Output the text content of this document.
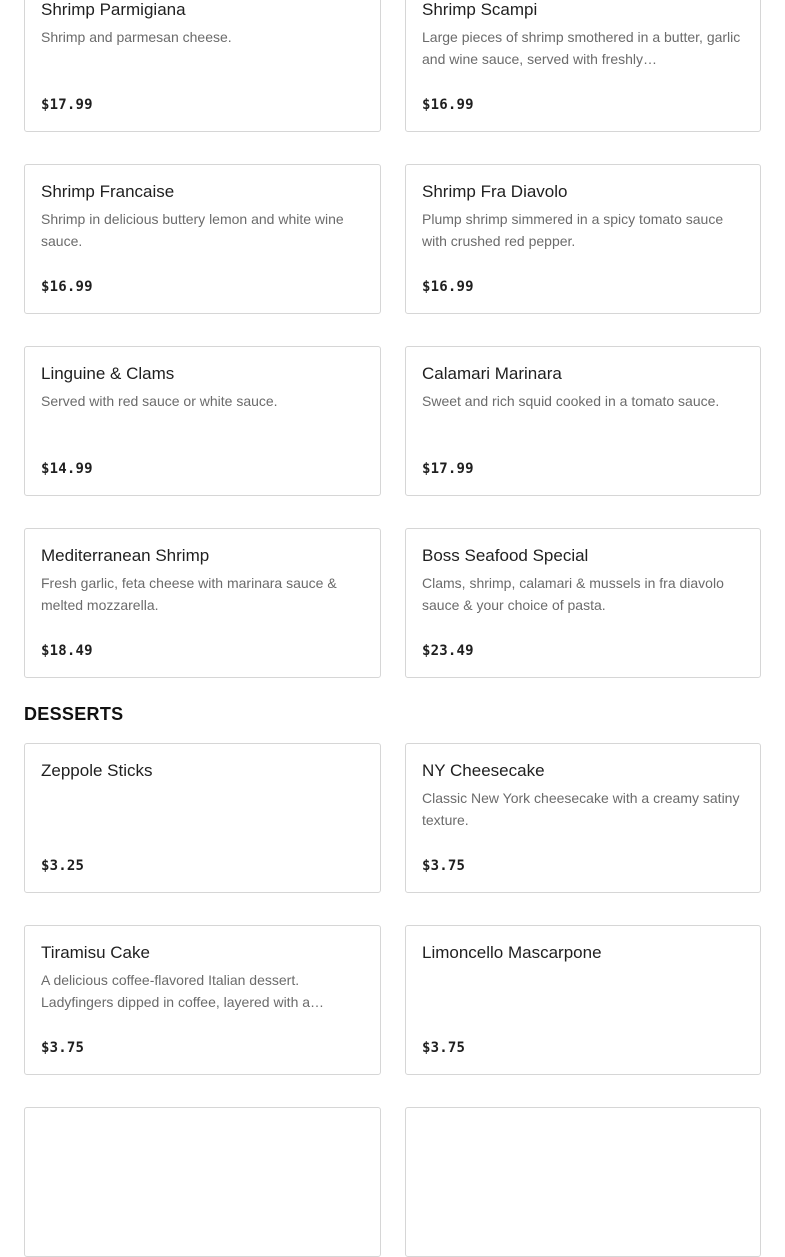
Shrimp Parmigiana
Shrimp and parmesan cheese.
$17.99
Shrimp Scampi
Large pieces of shrimp smothered in a butter, garlic and wine sauce, served with freshly…
$16.99
Shrimp Francaise
Shrimp in delicious buttery lemon and white wine sauce.
$16.99
Shrimp Fra Diavolo
Plump shrimp simmered in a spicy tomato sauce with crushed red pepper.
$16.99
Linguine & Clams
Served with red sauce or white sauce.
$14.99
Calamari Marinara
Sweet and rich squid cooked in a tomato sauce.
$17.99
Mediterranean Shrimp
Fresh garlic, feta cheese with marinara sauce & melted mozzarella.
$18.49
Boss Seafood Special
Clams, shrimp, calamari & mussels in fra diavolo sauce & your choice of pasta.
$23.49
DESSERTS
Zeppole Sticks
$3.25
NY Cheesecake
Classic New York cheesecake with a creamy satiny texture.
$3.75
Tiramisu Cake
A delicious coffee-flavored Italian dessert. Ladyfingers dipped in coffee, layered with a…
$3.75
Limoncello Mascarpone
$3.75
